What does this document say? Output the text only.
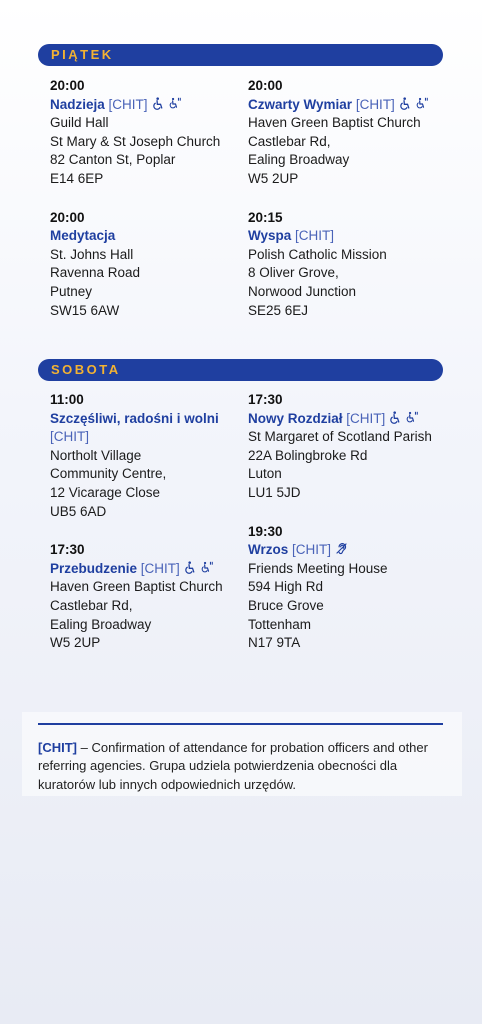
PIĄTEK
20:00
Nadzieja [CHIT]
Guild Hall
St Mary & St Joseph Church
82 Canton St, Poplar
E14 6EP
20:00
Medytacja
St. Johns Hall
Ravenna Road
Putney
SW15 6AW
20:00
Czwarty Wymiar [CHIT]
Haven Green Baptist Church
Castlebar Rd,
Ealing Broadway
W5 2UP
20:15
Wyspa [CHIT]
Polish Catholic Mission
8 Oliver Grove,
Norwood Junction
SE25 6EJ
SOBOTA
11:00
Szczęśliwi, radośni i wolni
[CHIT]
Northolt Village
Community Centre,
12 Vicarage Close
UB5 6AD
17:30
Przebudzenie [CHIT]
Haven Green Baptist Church
Castlebar Rd,
Ealing Broadway
W5 2UP
17:30
Nowy Rozdział [CHIT]
St Margaret of Scotland Parish
22A Bolingbroke Rd
Luton
LU1 5JD
19:30
Wrzos [CHIT]
Friends Meeting House
594 High Rd
Bruce Grove
Tottenham
N17 9TA
[CHIT] – Confirmation of attendance for probation officers and other referring agencies. Grupa udziela potwierdzenia obecności dla kuratorów lub innych odpowiednich urzędów.
